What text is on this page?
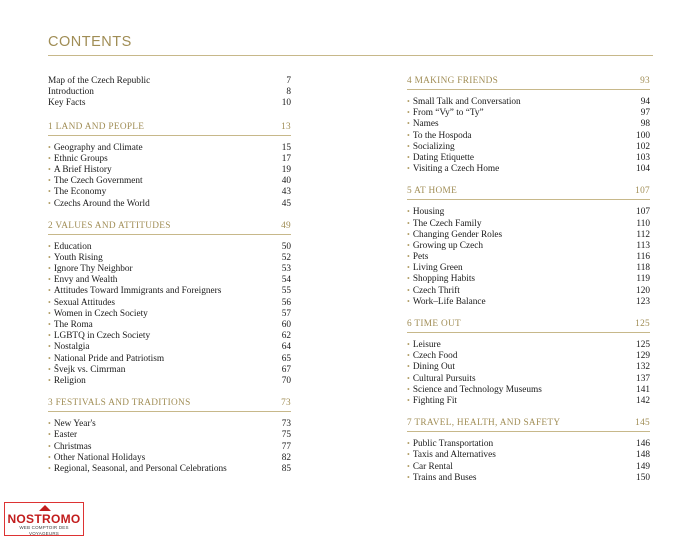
CONTENTS
Map of the Czech Republic	7
Introduction	8
Key Facts	10
1 LAND AND PEOPLE	13
• Geography and Climate	15
• Ethnic Groups	17
• A Brief History	19
• The Czech Government	40
• The Economy	43
• Czechs Around the World	45
2 VALUES AND ATTITUDES	49
• Education	50
• Youth Rising	52
• Ignore Thy Neighbor	53
• Envy and Wealth	54
• Attitudes Toward Immigrants and Foreigners	55
• Sexual Attitudes	56
• Women in Czech Society	57
• The Roma	60
• LGBTQ in Czech Society	62
• Nostalgia	64
• National Pride and Patriotism	65
• Švejk vs. Cimrman	67
• Religion	70
3 FESTIVALS AND TRADITIONS	73
• New Year's	73
• Easter	75
• Christmas	77
• Other National Holidays	82
• Regional, Seasonal, and Personal Celebrations	85
4 MAKING FRIENDS	93
• Small Talk and Conversation	94
• From “Vy” to “Ty”	97
• Names	98
• To the Hospoda	100
• Socializing	102
• Dating Etiquette	103
• Visiting a Czech Home	104
5 AT HOME	107
• Housing	107
• The Czech Family	110
• Changing Gender Roles	112
• Growing up Czech	113
• Pets	116
• Living Green	118
• Shopping Habits	119
• Czech Thrift	120
• Work–Life Balance	123
6 TIME OUT	125
• Leisure	125
• Czech Food	129
• Dining Out	132
• Cultural Pursuits	137
• Science and Technology Museums	141
• Fighting Fit	142
7 TRAVEL, HEALTH, AND SAFETY	145
• Public Transportation	146
• Taxis and Alternatives	148
• Car Rental	149
• Trains and Buses	150
NOSTROMO
WEB COMPTOIR DES VOYAGEURS
